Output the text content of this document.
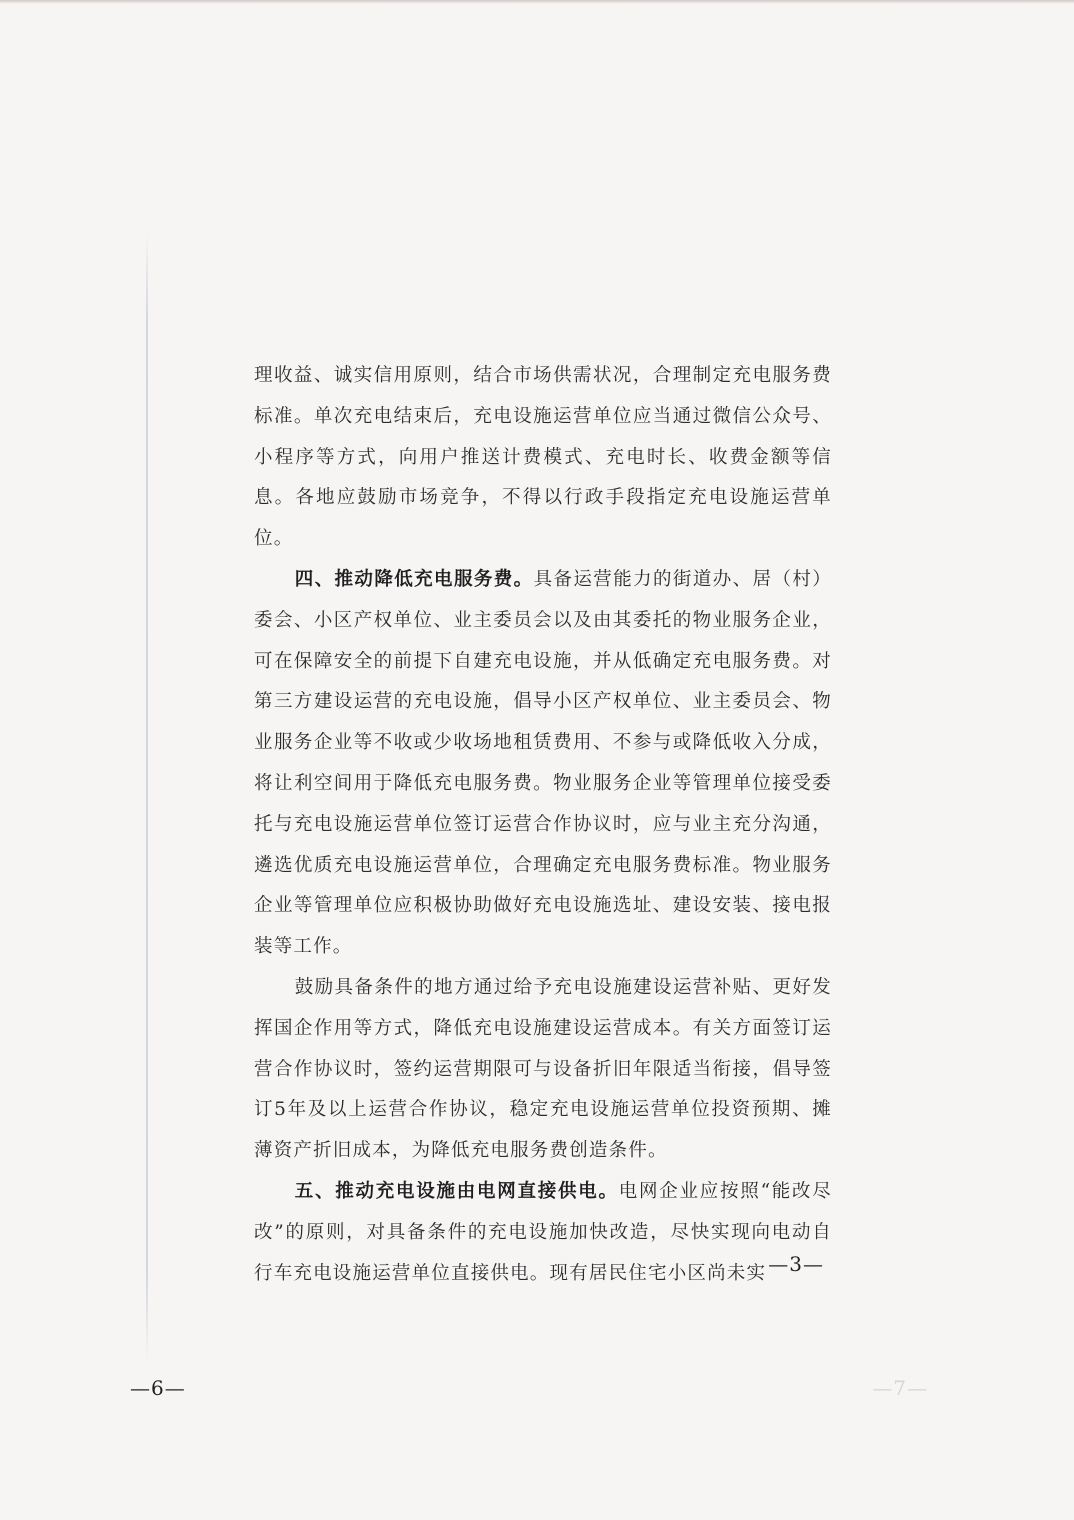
理收益、诚实信用原则，结合市场供需状况，合理制定充电服务费标准。单次充电结束后，充电设施运营单位应当通过微信公众号、小程序等方式，向用户推送计费模式、充电时长、收费金额等信息。各地应鼓励市场竞争，不得以行政手段指定充电设施运营单位。

四、推动降低充电服务费。具备运营能力的街道办、居（村）委会、小区产权单位、业主委员会以及由其委托的物业服务企业，可在保障安全的前提下自建充电设施，并从低确定充电服务费。对第三方建设运营的充电设施，倡导小区产权单位、业主委员会、物业服务企业等不收或少收场地租赁费用、不参与或降低收入分成，将让利空间用于降低充电服务费。物业服务企业等管理单位接受委托与充电设施运营单位签订运营合作协议时，应与业主充分沟通，遴选优质充电设施运营单位，合理确定充电服务费标准。物业服务企业等管理单位应积极协助做好充电设施选址、建设安装、接电报装等工作。

鼓励具备条件的地方通过给予充电设施建设运营补贴、更好发挥国企作用等方式，降低充电设施建设运营成本。有关方面签订运营合作协议时，签约运营期限可与设备折旧年限适当衔接，倡导签订5年及以上运营合作协议，稳定充电设施运营单位投资预期、摊薄资产折旧成本，为降低充电服务费创造条件。

五、推动充电设施由电网直接供电。电网企业应按照“能改尽改”的原则，对具备条件的充电设施加快改造，尽快实现向电动自行车充电设施运营单位直接供电。现有居民住宅小区尚未实 —3—
—6—	—7—
